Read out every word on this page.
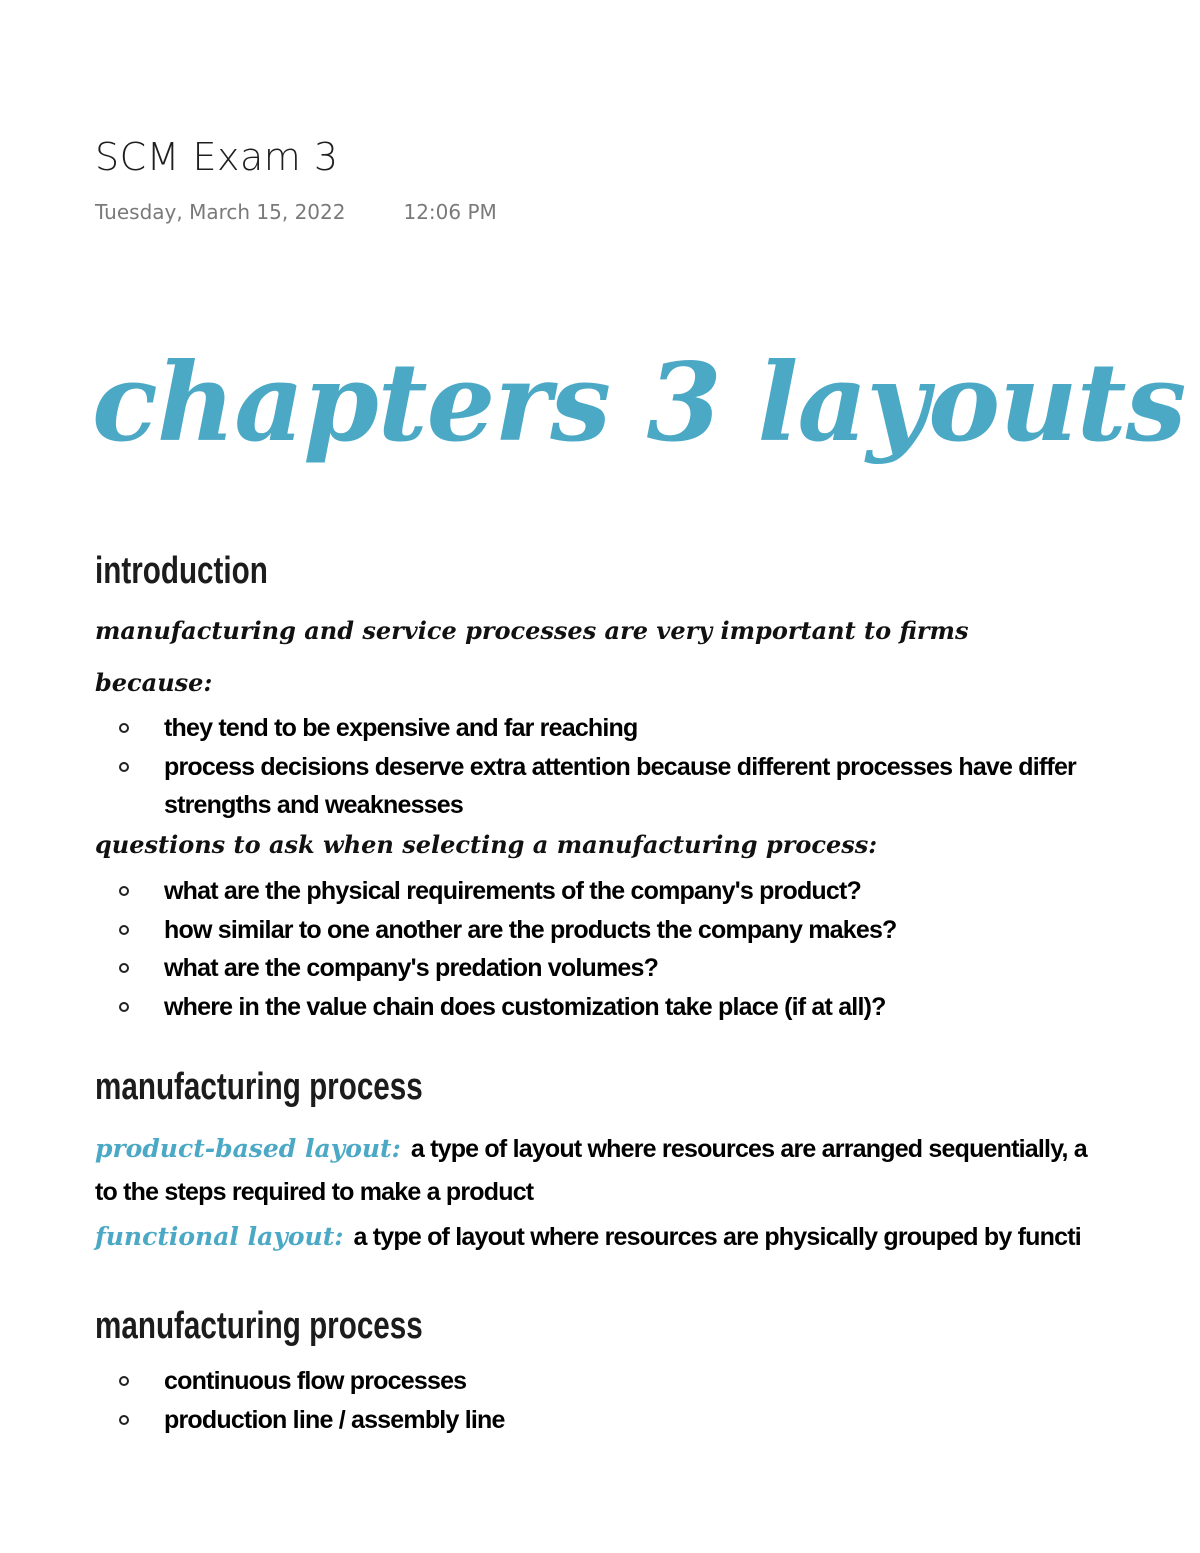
SCM Exam 3
Tuesday, March 15, 2022	12:06 PM
chapters 3 layouts
introduction
manufacturing and service processes are very important to firms
because:
they tend to be expensive and far reaching
process decisions deserve extra attention because different processes have differ
strengths and weaknesses
questions to ask when selecting a manufacturing process:
what are the physical requirements of the company's product?
how similar to one another are the products the company makes?
what are the company's predation volumes?
where in the value chain does customization take place (if at all)?
manufacturing process
product-based layout: a type of layout where resources are arranged sequentially, a
to the steps required to make a product
functional layout: a type of layout where resources are physically grouped by functi
manufacturing process
continuous flow processes
production line / assembly line
